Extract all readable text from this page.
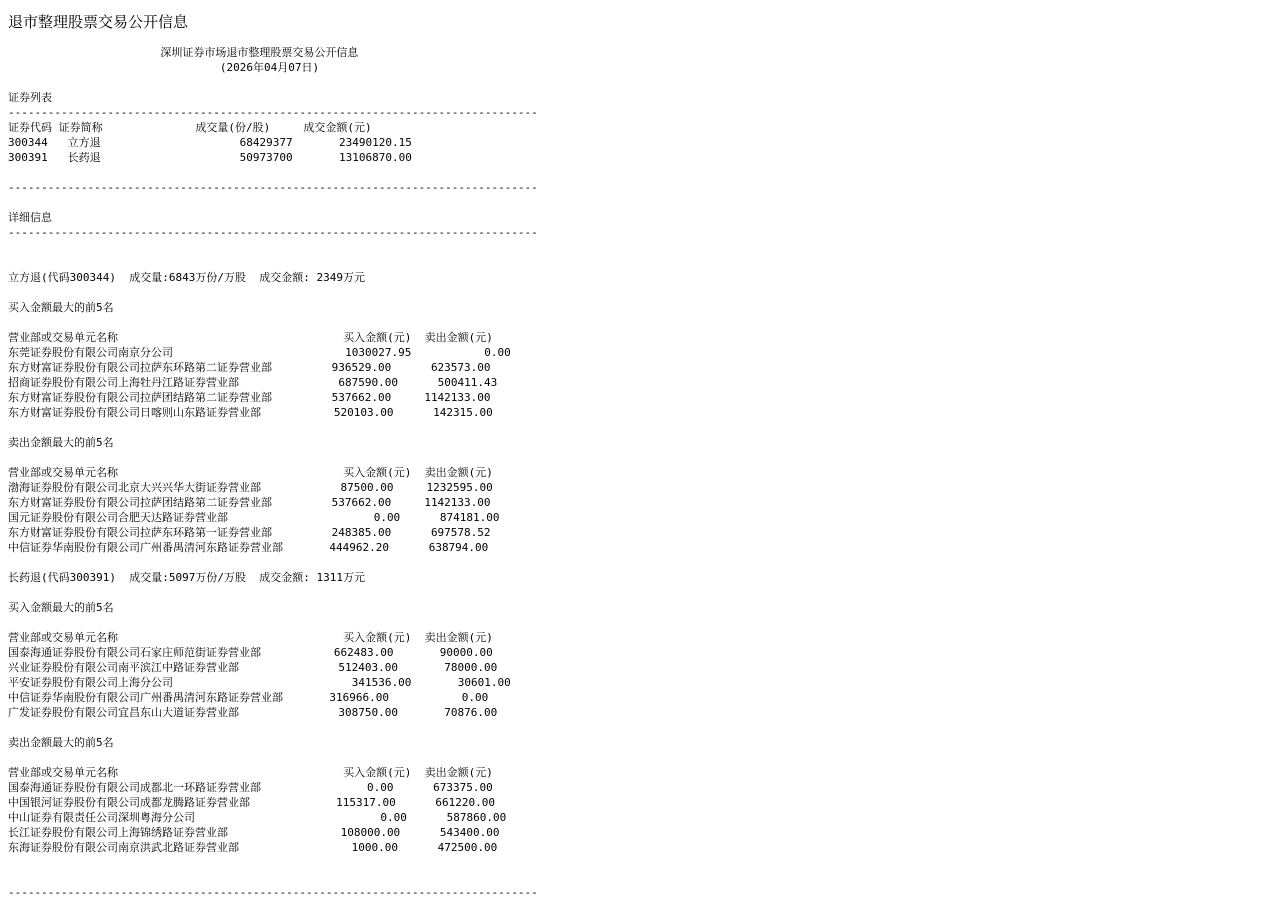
退市整理股票交易公开信息
深圳证券市场退市整理股票交易公开信息
(2026年04月07日)
证券列表
--------------------------------------------------------------------------------
证券代码 证券简称              成交量(份/股)     成交金额(元)
300344   立方退                     68429377       23490120.15
300391   长药退                     50973700       13106870.00
--------------------------------------------------------------------------------
详细信息
--------------------------------------------------------------------------------
立方退(代码300344)  成交量:6843万份/万股  成交金额: 2349万元
买入金额最大的前5名
营业部或交易单元名称                                  买入金额(元)  卖出金额(元)
东莞证券股份有限公司南京分公司                          1030027.95           0.00
东方财富证券股份有限公司拉萨东环路第二证券营业部         936529.00      623573.00
招商证券股份有限公司上海牡丹江路证券营业部               687590.00      500411.43
东方财富证券股份有限公司拉萨团结路第二证券营业部         537662.00     1142133.00
东方财富证券股份有限公司日喀则山东路证券营业部           520103.00      142315.00
卖出金额最大的前5名
营业部或交易单元名称                                  买入金额(元)  卖出金额(元)
渤海证券股份有限公司北京大兴兴华大街证券营业部            87500.00     1232595.00
东方财富证券股份有限公司拉萨团结路第二证券营业部         537662.00     1142133.00
国元证券股份有限公司合肥天达路证券营业部                      0.00      874181.00
东方财富证券股份有限公司拉萨东环路第一证券营业部         248385.00      697578.52
中信证券华南股份有限公司广州番禺清河东路证券营业部       444962.20      638794.00
长药退(代码300391)  成交量:5097万份/万股  成交金额: 1311万元
买入金额最大的前5名
营业部或交易单元名称                                  买入金额(元)  卖出金额(元)
国泰海通证券股份有限公司石家庄师范街证券营业部           662483.00       90000.00
兴业证券股份有限公司南平滨江中路证券营业部               512403.00       78000.00
平安证券股份有限公司上海分公司                           341536.00       30601.00
中信证券华南股份有限公司广州番禺清河东路证券营业部       316966.00           0.00
广发证券股份有限公司宜昌东山大道证券营业部               308750.00       70876.00
卖出金额最大的前5名
营业部或交易单元名称                                  买入金额(元)  卖出金额(元)
国泰海通证券股份有限公司成都北一环路证券营业部                0.00      673375.00
中国银河证券股份有限公司成都龙腾路证券营业部             115317.00      661220.00
中山证券有限责任公司深圳粤海分公司                            0.00      587860.00
长江证券股份有限公司上海锦绣路证券营业部                 108000.00      543400.00
东海证券股份有限公司南京洪武北路证券营业部                 1000.00      472500.00
--------------------------------------------------------------------------------
